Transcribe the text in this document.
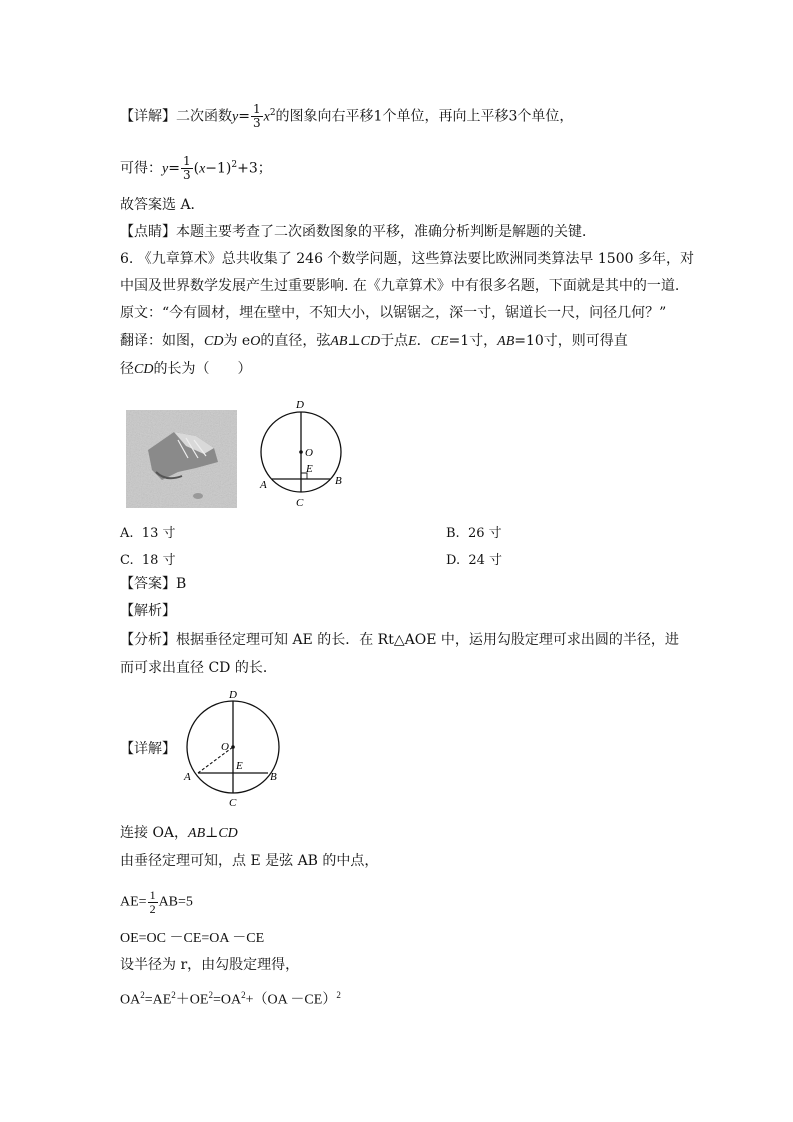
【详解】二次函数$y= \frac{1}{3} x^2$的图象向右平移1个单位，再向上平移3个单位，
可得：$y= \frac{1}{3} (x-1)^2+3$；
故答案选 A．
【点睛】本题主要考查了二次函数图象的平移，准确分析判断是解题的关键．
6. 《九章算术》总共收集了 246 个数学问题，这些算法要比欧洲同类算法早 1500 多年，对
中国及世界数学发展产生过重要影响. 在《九章算术》中有很多名题，下面就是其中的一道.
原文：“今有圆材，埋在壁中，不知大小，以锯锯之，深一寸，锯道长一尺，问径几何？”
翻译：如图，CD为 eO的直径，弦AB⊥CD于点E．CE=1寸，AB=10寸，则可得直
径CD的长为（　　）
D
O
E
A	B
C
A. 13 寸	B. 26 寸
C. 18 寸	D. 24 寸
【答案】B
【解析】
【分析】根据垂径定理可知 AE 的长．在 Rt△AOE 中，运用勾股定理可求出圆的半径，进
而可求出直径 CD 的长．
【详解】
D
O
E
A	B
C
连接 OA，AB⊥CD
由垂径定理可知，点 E 是弦 AB 的中点，
$AE= \frac{1}{2} AB=5$
OE=OC －CE=OA －CE
设半径为 r，由勾股定理得，
$OA^2=AE^2+OE^2=OA^2+(OA -CE)^2$
